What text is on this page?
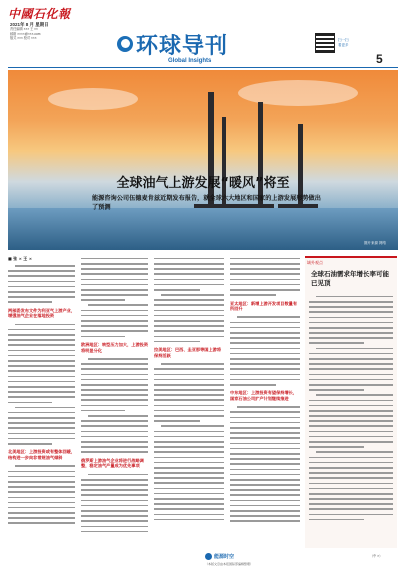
中國石化報
2021年 8 月 星期日
责任编辑 ××× 王 ××
邮箱 ××××@×××.com
版式 ××× 校对 ×××	环球导刊
Global Insights
扫一扫
看更多
5
全球油气上游发展“暖风”将至
能源咨询公司伍德麦肯兹近期发布报告，就全球六大地区和国家的上游发展形势做出了预测
图片来源 网络
■ 张 × 王 ×
两部委发布文件为利亚气上游产业，增强油气企业在落地投资
北美地区：上游投资或有整体回暖，结构进一步向非常规油气倾斜
欧洲地区：转型压力加大，上游投资将明显分化
俄罗斯上游油气企业将进行战略调整，稳定油气产量成为优先事项
拉美地区：巴西、圭亚那等国上游将保持活跃
亚太地区：新增上游开发项目数量有所回升
中东地区：上游投资有望保持增长，国家石油公司扩产计划继续推进
域外观点
全球石油需求年增长率可能已见顶
能源时空
（本版文章由本报国际部编辑整理）
（中 ×）
